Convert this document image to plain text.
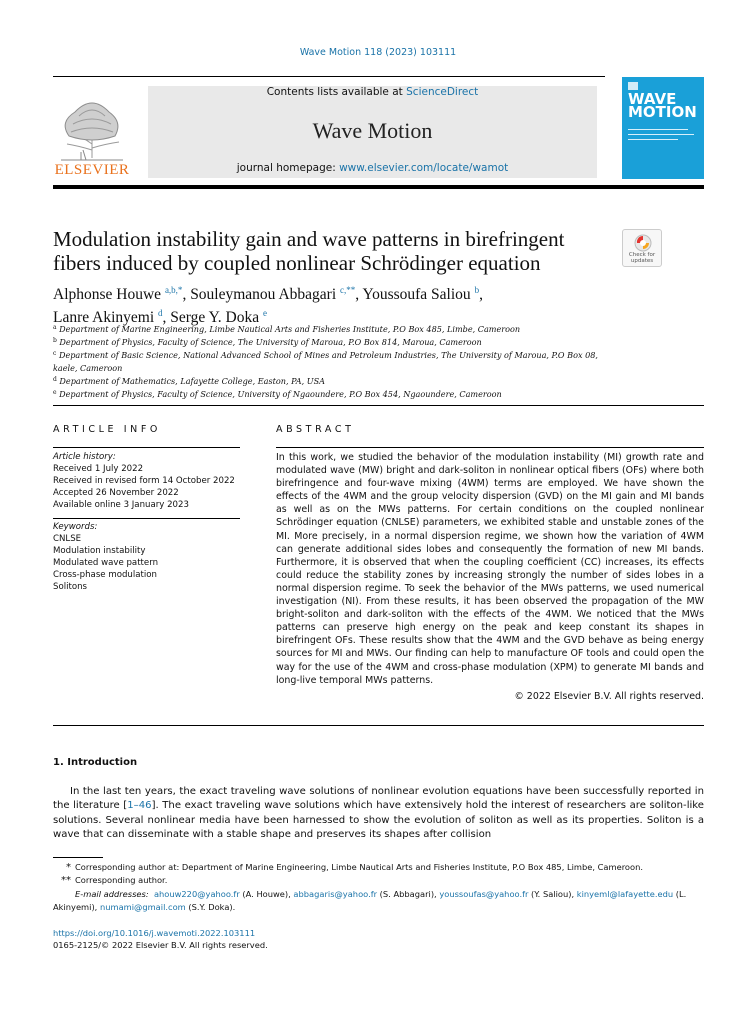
Wave Motion 118 (2023) 103111
ELSEVIER
Contents lists available at ScienceDirect
Wave Motion
journal homepage: www.elsevier.com/locate/wamot
WAVE MOTION
Modulation instability gain and wave patterns in birefringent fibers induced by coupled nonlinear Schrödinger equation	Check for updates
Alphonse Houwe $^{a,b,*}$, Souleymanou Abbagari $^{c,**}$, Youssoufa Saliou $^b$,
Lanre Akinyemi $^d$, Serge Y. Doka $^e$
$^a$ Department of Marine Engineering, Limbe Nautical Arts and Fisheries Institute, P.O Box 485, Limbe, Cameroon
$^b$ Department of Physics, Faculty of Science, The University of Maroua, P.O Box 814, Maroua, Cameroon
$^c$ Department of Basic Science, National Advanced School of Mines and Petroleum Industries, The University of Maroua, P.O Box 08, kaele, Cameroon
$^d$ Department of Mathematics, Lafayette College, Easton, PA, USA
$^e$ Department of Physics, Faculty of Science, University of Ngaoundere, P.O Box 454, Ngaoundere, Cameroon
ARTICLE INFO
Article history:
Received 1 July 2022
Received in revised form 14 October 2022
Accepted 26 November 2022
Available online 3 January 2023
Keywords:
CNLSE
Modulation instability
Modulated wave pattern
Cross-phase modulation
Solitons
ABSTRACT
In this work, we studied the behavior of the modulation instability (MI) growth rate and modulated wave (MW) bright and dark-soliton in nonlinear optical fibers (OFs) where both birefringence and four-wave mixing (4WM) terms are employed. We have shown the effects of the 4WM and the group velocity dispersion (GVD) on the MI gain and MI bands as well as on the MWs patterns. For certain conditions on the coupled nonlinear Schrödinger equation (CNLSE) parameters, we exhibited stable and unstable zones of the MI. More precisely, in a normal dispersion regime, we shown how the variation of 4WM can generate additional sides lobes and consequently the formation of new MI bands. Furthermore, it is observed that when the coupling coefficient (CC) increases, its effects could reduce the stability zones by increasing strongly the number of sides lobes in a normal dispersion regime. To seek the behavior of the MWs patterns, we used numerical investigation (NI). From these results, it has been observed the propagation of the MW bright-soliton and dark-soliton with the effects of the 4WM. We noticed that the MWs patterns can preserve high energy on the peak and keep constant its shapes in birefringent OFs. These results show that the 4WM and the GVD behave as being energy sources for MI and MWs. Our finding can help to manufacture OF tools and could open the way for the use of the 4WM and cross-phase modulation (XPM) to generate MI bands and long-live temporal MWs patterns.
© 2022 Elsevier B.V. All rights reserved.
1. Introduction
In the last ten years, the exact traveling wave solutions of nonlinear evolution equations have been successfully reported in the literature [1–46]. The exact traveling wave solutions which have extensively hold the interest of researchers are soliton-like solutions. Several nonlinear media have been harnessed to show the evolution of soliton as well as its properties. Soliton is a wave that can disseminate with a stable shape and preserves its shapes after collision
* Corresponding author at: Department of Marine Engineering, Limbe Nautical Arts and Fisheries Institute, P.O Box 485, Limbe, Cameroon.
** Corresponding author.
E-mail addresses: ahouw220@yahoo.fr (A. Houwe), abbagaris@yahoo.fr (S. Abbagari), youssoufas@yahoo.fr (Y. Saliou), kinyeml@lafayette.edu (L. Akinyemi), numami@gmail.com (S.Y. Doka).
https://doi.org/10.1016/j.wavemoti.2022.103111
0165-2125/© 2022 Elsevier B.V. All rights reserved.
